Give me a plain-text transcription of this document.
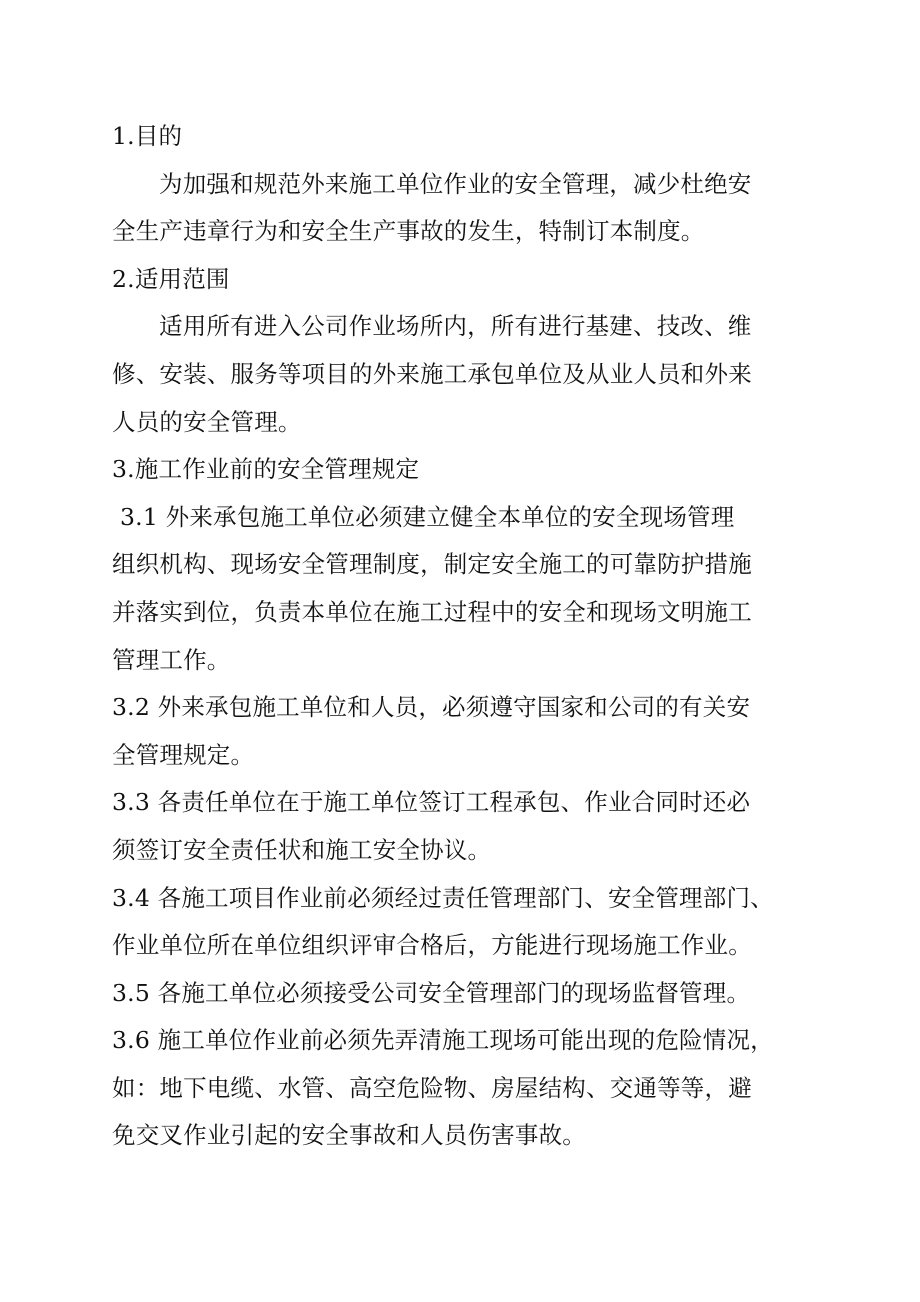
1.目的
为加强和规范外来施工单位作业的安全管理，减少杜绝安
全生产违章行为和安全生产事故的发生，特制订本制度。
2.适用范围
适用所有进入公司作业场所内，所有进行基建、技改、维
修、安装、服务等项目的外来施工承包单位及从业人员和外来
人员的安全管理。
3.施工作业前的安全管理规定
3.1 外来承包施工单位必须建立健全本单位的安全现场管理
组织机构、现场安全管理制度，制定安全施工的可靠防护措施
并落实到位，负责本单位在施工过程中的安全和现场文明施工
管理工作。
3.2 外来承包施工单位和人员，必须遵守国家和公司的有关安
全管理规定。
3.3 各责任单位在于施工单位签订工程承包、作业合同时还必
须签订安全责任状和施工安全协议。
3.4 各施工项目作业前必须经过责任管理部门、安全管理部门、
作业单位所在单位组织评审合格后，方能进行现场施工作业。
3.5 各施工单位必须接受公司安全管理部门的现场监督管理。
3.6 施工单位作业前必须先弄清施工现场可能出现的危险情况，
如：地下电缆、水管、高空危险物、房屋结构、交通等等，避
免交叉作业引起的安全事故和人员伤害事故。
